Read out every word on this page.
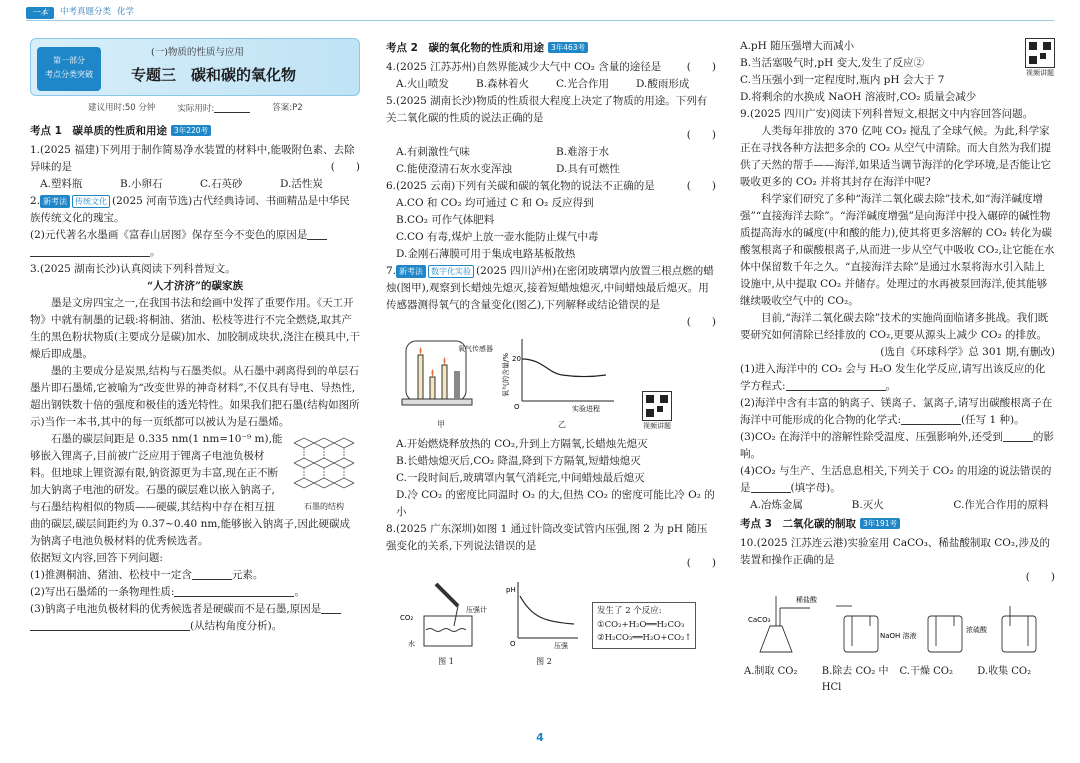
一本	中考真题分类 化学
第一部分
考点分类突破
(一)物质的性质与应用
专题三　碳和碳的氧化物
建议用时:50 分钟	实际用时:	答案:P2
考点 1　碳单质的性质和用途 3年220考

1.(2025 福建)下列用于制作简易净水装置的材料中,能吸附色素、去除异味的是	(　　)

A.塑料瓶	B.小卵石	C.石英砂	D.活性炭

2. 新考法 传统文化 (2025 河南节选)古代经典诗词、书画精品是中华民族传统文化的瑰宝。

(2)元代著名水墨画《富春山居图》保存至今不变色的原因是

。

3.(2025 湖南长沙)认真阅读下列科普短文。

“人才济济”的碳家族

墨是文房四宝之一,在我国书法和绘画中发挥了重要作用。《天工开物》中就有制墨的记载:将桐油、猪油、松枝等进行不完全燃烧,取其产生的黑色粉状物质(主要成分是碳)加水、加胶制成块状,浇注在模具中,干燥后即成墨。

墨的主要成分是炭黑,结构与石墨类似。从石墨中剥离得到的单层石墨片即石墨烯,它被喻为“改变世界的神奇材料”,不仅具有导电、导热性,超出钢铁数十倍的强度和极佳的透光特性。如果我们把石墨(结构如图所示)当作一本书,其中的每一页纸都可以被认为是石墨烯。

石墨的结构

石墨的碳层间距是 0.335 nm(1 nm=10⁻⁹ m),能够嵌入锂离子,目前被广泛应用于锂离子电池负极材料。但地球上锂资源有限,钠资源更为丰富,现在正不断加大钠离子电池的研发。石墨的碳层难以嵌入钠离子,与石墨结构相似的物质——硬碳,其结构中存在相互扭曲的碳层,碳层间距约为 0.37~0.40 nm,能够嵌入钠离子,因此硬碳成为钠离子电池负极材料的优秀候选者。

依据短文内容,回答下列问题:

(1)推测桐油、猪油、松枝中一定含	元素。

(2)写出石墨烯的一条物理性质:	。

(3)钠离子电池负极材料的优秀候选者是硬碳而不是石墨,原因是

(从结构角度分析)。

考点 2　碳的氧化物的性质和用途 3年463考

4.(2025 江苏苏州)自然界能减少大气中 CO₂ 含量的途径是 (　　)

A.火山喷发	B.森林着火	C.光合作用	D.酸雨形成

5.(2025 湖南长沙)物质的性质很大程度上决定了物质的用途。下列有关二氧化碳的性质的说法正确的是

(　　)

A.有刺激性气味	B.难溶于水
C.能使澄清石灰水变浑浊	D.具有可燃性

6.(2025 云南)下列有关碳和碳的氧化物的说法不正确的是	(　　)

A.CO 和 CO₂ 均可通过 C 和 O₂ 反应得到

B.CO₂ 可作气体肥料

C.CO 有毒,煤炉上放一壶水能防止煤气中毒

D.金刚石薄膜可用于集成电路基板散热

7. 新考法 数字化实验 (2025 四川泸州)在密闭玻璃罩内放置三根点燃的蜡烛(图甲),观察到长蜡烛先熄灭,接着短蜡烛熄灭,中间蜡烛最后熄灭。用传感器测得氧气的含量变化(图乙),下列解释或结论错误的是

(　　)

氧气传感器
甲
20
O	实验进程
氧气的含量/%
乙	视频讲题

A.开始燃烧释放热的 CO₂,升到上方隔氧,长蜡烛先熄灭

B.长蜡烛熄灭后,CO₂ 降温,降到下方隔氧,短蜡烛熄灭

C.一段时间后,玻璃罩内氧气消耗完,中间蜡烛最后熄灭

D.冷 CO₂ 的密度比同温时 O₂ 的大,但热 CO₂ 的密度可能比冷 O₂ 的小

8.(2025 广东深圳)如图 1 通过针筒改变试管内压强,图 2 为 pH 随压强变化的关系,下列说法错误的是

(　　)

CO₂
压强计
水
图 1
pH
O	压强
图 2
发生了 2 个反应:
①CO₂+H₂O══H₂CO₃
②H₂CO₃══H₂O+CO₂↑
视频讲题

A.pH 随压强增大而减小

B.当活塞吸气时,pH 变大,发生了反应②

C.当压强小到一定程度时,瓶内 pH 会大于 7

D.将剩余的水换成 NaOH 溶液时,CO₂ 质量会减少

9.(2025 四川广安)阅读下列科普短文,根据文中内容回答问题。

人类每年排放的 370 亿吨 CO₂ 搅乱了全球气候。为此,科学家正在寻找各种方法把多余的 CO₂ 从空气中清除。而大自然为我们提供了天然的帮手——海洋,如果适当调节海洋的化学环境,是否能让它吸收更多的 CO₂ 并将其封存在海洋中呢?

科学家们研究了多种“海洋二氧化碳去除”技术,如“海洋碱度增强”“直接海洋去除”。“海洋碱度增强”是向海洋中投入碾碎的碱性物质提高海水的碱度(中和酸的能力),使其将更多溶解的 CO₂ 转化为碳酸氢根离子和碳酸根离子,从而进一步从空气中吸收 CO₂,让它能在水体中保留数千年之久。“直接海洋去除”是通过水泵将海水引入陆上设施中,从中提取 CO₂ 并储存。处理过的水再被泵回海洋,使其能够继续吸收空气中的 CO₂。

目前,“海洋二氧化碳去除”技术的实施尚面临诸多挑战。我们既要研究如何清除已经排放的 CO₂,更要从源头上减少 CO₂ 的排放。

(选自《环球科学》总 301 期,有删改)

(1)进入海洋中的 CO₂ 会与 H₂O 发生化学反应,请写出该反应的化学方程式:	。

(2)海洋中含有丰富的钠离子、镁离子、氯离子,请写出碳酸根离子在海洋中可能形成的化合物的化学式:	(任写 1 种)。

(3)CO₂ 在海洋中的溶解性除受温度、压强影响外,还受到	的影响。

(4)CO₂ 与生产、生活息息相关,下列关于 CO₂ 的用途的说法错误的是	(填字母)。

A.冶炼金属	B.灭火	C.作光合作用的原料
考点 3　二氧化碳的制取 3年191考

10.(2025 江苏连云港)实验室用 CaCO₃、稀盐酸制取 CO₂,涉及的装置和操作正确的是

(　　)

稀盐酸
CaCO₃
NaOH 溶液
浓硫酸
A.制取 CO₂	B.除去 CO₂ 中 HCl
C.干燥 CO₂	D.收集 CO₂
4
